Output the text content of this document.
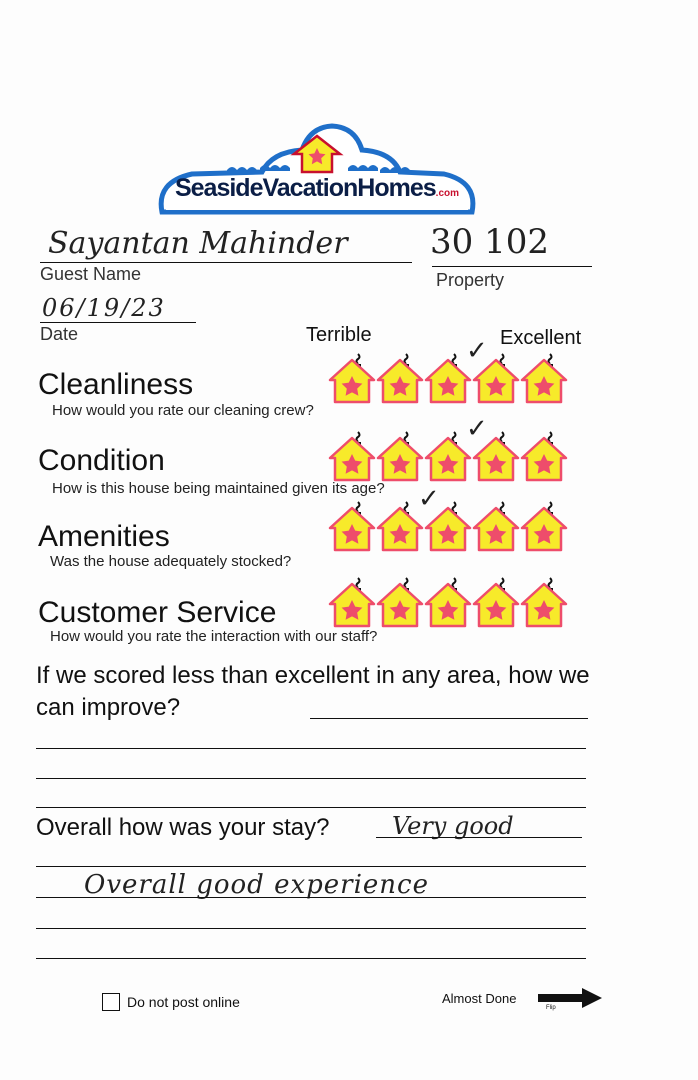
SeasideVacationHomes.com
Sayantan Mahinder
Guest Name
30 102
Property
06/19/23
Date	Terrible	Excellent
Cleanliness
How would you rate our cleaning crew?
✓
Condition
How is this house being maintained given its age?
✓
Amenities
Was the house adequately stocked?
✓
Customer Service
How would you rate the interaction with our staff?
If we scored less than excellent in any area, how we can improve?
Overall how was your stay?	Very good
Overall good experience
Do not post online	Almost Done
Flip
